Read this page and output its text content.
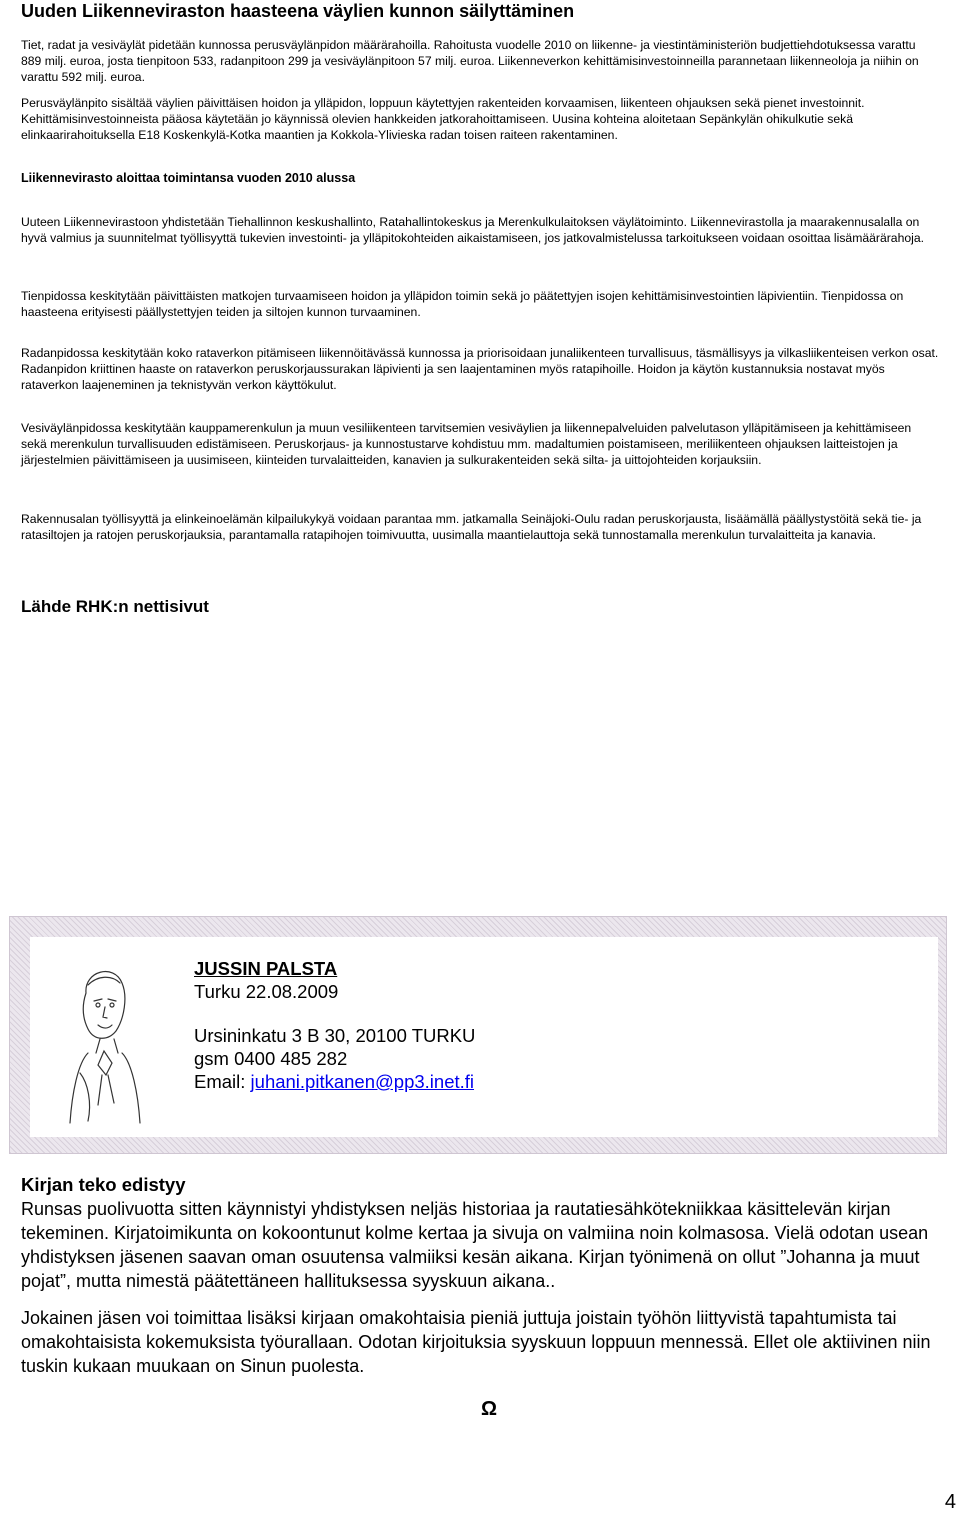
Uuden Liikenneviraston haasteena väylien kunnon säilyttäminen

Tiet, radat ja vesiväylät pidetään kunnossa perusväylänpidon määrärahoilla. Rahoitusta vuodelle 2010 on liikenne- ja viestintäministeriön budjettiehdotuksessa varattu 889 milj. euroa, josta tienpitoon 533, radanpitoon 299 ja vesiväylänpitoon 57 milj. euroa. Liikenneverkon kehittämisinvestoinneilla parannetaan liikenneoloja ja niihin on varattu 592 milj. euroa.

Perusväylänpito sisältää väylien päivittäisen hoidon ja ylläpidon, loppuun käytettyjen rakenteiden korvaamisen, liikenteen ohjauksen sekä pienet investoinnit. Kehittämisinvestoinneista pääosa käytetään jo käynnissä olevien hankkeiden jatkorahoittamiseen. Uusina kohteina aloitetaan Sepänkylän ohikulkutie sekä elinkaarirahoituksella E18 Koskenkylä-Kotka maantien ja Kokkola-Ylivieska radan toisen raiteen rakentaminen.

Liikennevirasto aloittaa toimintansa vuoden 2010 alussa

Uuteen Liikennevirastoon yhdistetään Tiehallinnon keskushallinto, Ratahallintokeskus ja Merenkulkulaitoksen väylätoiminto. Liikennevirastolla ja maarakennusalalla on hyvä valmius ja suunnitelmat työllisyyttä tukevien investointi- ja ylläpitokohteiden aikaistamiseen, jos jatkovalmistelussa tarkoitukseen voidaan osoittaa lisämäärärahoja.

Tienpidossa keskitytään päivittäisten matkojen turvaamiseen hoidon ja ylläpidon toimin sekä jo päätettyjen isojen kehittämisinvestointien läpivientiin. Tienpidossa on haasteena erityisesti päällystettyjen teiden ja siltojen kunnon turvaaminen.

Radanpidossa keskitytään koko rataverkon pitämiseen liikennöitävässä kunnossa ja priorisoidaan junaliikenteen turvallisuus, täsmällisyys ja vilkasliikenteisen verkon osat. Radanpidon kriittinen haaste on rataverkon peruskorjaussurakan läpivienti ja sen laajentaminen myös ratapihoille. Hoidon ja käytön kustannuksia nostavat myös rataverkon laajeneminen ja teknistyvän verkon käyttökulut.

Vesiväylänpidossa keskitytään kauppamerenkulun ja muun vesiliikenteen tarvitsemien vesiväylien ja liikennepalveluiden palvelutason ylläpitämiseen ja kehittämiseen sekä merenkulun turvallisuuden edistämiseen. Peruskorjaus- ja kunnostustarve kohdistuu mm. madaltumien poistamiseen, meriliikenteen ohjauksen laitteistojen ja järjestelmien päivittämiseen ja uusimiseen, kiinteiden turvalaitteiden, kanavien ja sulkurakenteiden sekä silta- ja uittojohteiden korjauksiin.

Rakennusalan työllisyyttä ja elinkeinoelämän kilpailukykyä voidaan parantaa mm. jatkamalla Seinäjoki-Oulu radan peruskorjausta, lisäämällä päällystystöitä sekä tie- ja ratasiltojen ja ratojen peruskorjauksia, parantamalla ratapihojen toimivuutta, uusimalla maantielauttoja sekä tunnostamalla merenkulun turvalaitteita ja kanavia.

Lähde RHK:n nettisivut

JUSSIN PALSTA
Turku 22.08.2009
Ursininkatu 3 B 30, 20100 TURKU
gsm 0400 485 282
Email: juhani.pitkanen@pp3.inet.fi

Kirjan teko edistyy

Runsas puolivuotta sitten käynnistyi yhdistyksen neljäs historiaa ja rautatiesähkötekniikkaa käsittelevän kirjan tekeminen. Kirjatoimikunta on kokoontunut kolme kertaa ja sivuja on valmiina noin kolmasosa. Vielä odotan usean yhdistyksen jäsenen saavan oman osuutensa valmiiksi kesän aikana. Kirjan työnimenä on ollut ”Johanna ja muut pojat”, mutta nimestä päätettäneen hallituksessa syyskuun aikana..

Jokainen jäsen voi toimittaa lisäksi kirjaan omakohtaisia pieniä juttuja joistain työhön liittyvistä tapahtumista tai omakohtaisista kokemuksista työurallaan. Odotan kirjoituksia syyskuun loppuun mennessä. Ellet ole aktiivinen niin tuskin kukaan muukaan on Sinun puolesta.

Ω
4
